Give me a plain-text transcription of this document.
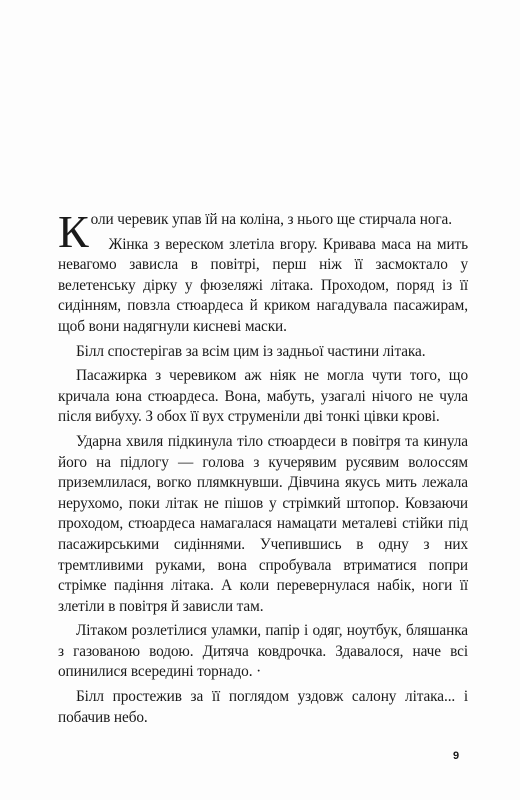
Коли черевик упав їй на коліна, з нього ще стирчала нога.

Жінка з вереском злетіла вгору. Кривава маса на мить невагомо зависла в повітрі, перш ніж її засмоктало у велетенську дірку у фюзеляжі літака. Проходом, поряд із її сидінням, повзла стюардеса й криком нагадувала пасажирам, щоб вони надягнули кисневі маски.

Білл спостерігав за всім цим із задньої частини літака.

Пасажирка з черевиком аж ніяк не могла чути того, що кричала юна стюардеса. Вона, мабуть, узагалі нічого не чула після вибуху. З обох її вух струменіли дві тонкі цівки крові.

Ударна хвиля підкинула тіло стюардеси в повітря та кинула його на підлогу — голова з кучерявим русявим волоссям приземлилася, вогко плямкнувши. Дівчина якусь мить лежала нерухомо, поки літак не пішов у стрімкий штопор. Ковзаючи проходом, стюардеса намагалася намацати металеві стійки під пасажирськими сидіннями. Учепившись в одну з них тремтливими руками, вона спробувала втриматися попри стрімке падіння літака. А коли перевернулася набік, ноги її злетіли в повітря й зависли там.

Літаком розлетілися уламки, папір і одяг, ноутбук, бляшанка з газованою водою. Дитяча ковдрочка. Здавалося, наче всі опинилися всередині торнадо. ·

Білл простежив за її поглядом уздовж салону літака... і побачив небо.

9
